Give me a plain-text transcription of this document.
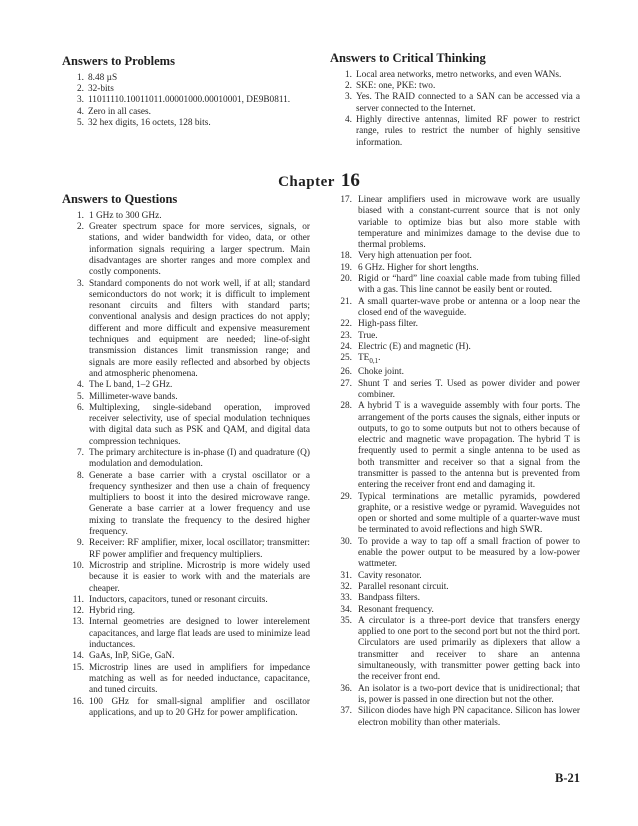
Answers to Problems
1. 8.48 µS
2. 32-bits
3. 11011110.10011011.00001000.00010001, DE9B0811.
4. Zero in all cases.
5. 32 hex digits, 16 octets, 128 bits.
Answers to Critical Thinking
1. Local area networks, metro networks, and even WANs.
2. SKE: one, PKE: two.
3. Yes. The RAID connected to a SAN can be accessed via a server connected to the Internet.
4. Highly directive antennas, limited RF power to restrict range, rules to restrict the number of highly sensitive information.
Chapter 16
Answers to Questions
1. 1 GHz to 300 GHz.
2. Greater spectrum space for more services, signals, or stations, and wider bandwidth for video, data, or other information signals requiring a larger spectrum. Main disadvantages are shorter ranges and more complex and costly components.
3. Standard components do not work well, if at all; standard semiconductors do not work; it is difficult to implement resonant circuits and filters with standard parts; conventional analysis and design practices do not apply; different and more difficult and expensive measurement techniques and equipment are needed; line-of-sight transmission distances limit transmission range; and signals are more easily reflected and absorbed by objects and atmospheric phenomena.
4. The L band, 1–2 GHz.
5. Millimeter-wave bands.
6. Multiplexing, single-sideband operation, improved receiver selectivity, use of special modulation techniques with digital data such as PSK and QAM, and digital data compression techniques.
7. The primary architecture is in-phase (I) and quadrature (Q) modulation and demodulation.
8. Generate a base carrier with a crystal oscillator or a frequency synthesizer and then use a chain of frequency multipliers to boost it into the desired microwave range. Generate a base carrier at a lower frequency and use mixing to translate the frequency to the desired higher frequency.
9. Receiver: RF amplifier, mixer, local oscillator; transmitter: RF power amplifier and frequency multipliers.
10. Microstrip and stripline. Microstrip is more widely used because it is easier to work with and the materials are cheaper.
11. Inductors, capacitors, tuned or resonant circuits.
12. Hybrid ring.
13. Internal geometries are designed to lower interelement capacitances, and large flat leads are used to minimize lead inductances.
14. GaAs, InP, SiGe, GaN.
15. Microstrip lines are used in amplifiers for impedance matching as well as for needed inductance, capacitance, and tuned circuits.
16. 100 GHz for small-signal amplifier and oscillator applications, and up to 20 GHz for power amplification.
17. Linear amplifiers used in microwave work are usually biased with a constant-current source that is not only variable to optimize bias but also more stable with temperature and minimizes damage to the devise due to thermal problems.
18. Very high attenuation per foot.
19. 6 GHz. Higher for short lengths.
20. Rigid or “hard” line coaxial cable made from tubing filled with a gas. This line cannot be easily bent or routed.
21. A small quarter-wave probe or antenna or a loop near the closed end of the waveguide.
22. High-pass filter.
23. True.
24. Electric (E) and magnetic (H).
25. $TE_{0,1}$.
26. Choke joint.
27. Shunt T and series T. Used as power divider and power combiner.
28. A hybrid T is a waveguide assembly with four ports. The arrangement of the ports causes the signals, either inputs or outputs, to go to some outputs but not to others because of electric and magnetic wave propagation. The hybrid T is frequently used to permit a single antenna to be used as both transmitter and receiver so that a signal from the transmitter is passed to the antenna but is prevented from entering the receiver front end and damaging it.
29. Typical terminations are metallic pyramids, powdered graphite, or a resistive wedge or pyramid. Waveguides not open or shorted and some multiple of a quarter-wave must be terminated to avoid reflections and high SWR.
30. To provide a way to tap off a small fraction of power to enable the power output to be measured by a low-power wattmeter.
31. Cavity resonator.
32. Parallel resonant circuit.
33. Bandpass filters.
34. Resonant frequency.
35. A circulator is a three-port device that transfers energy applied to one port to the second port but not the third port. Circulators are used primarily as diplexers that allow a transmitter and receiver to share an antenna simultaneously, with transmitter power getting back into the receiver front end.
36. An isolator is a two-port device that is unidirectional; that is, power is passed in one direction but not the other.
37. Silicon diodes have high PN capacitance. Silicon has lower electron mobility than other materials.
B-21
